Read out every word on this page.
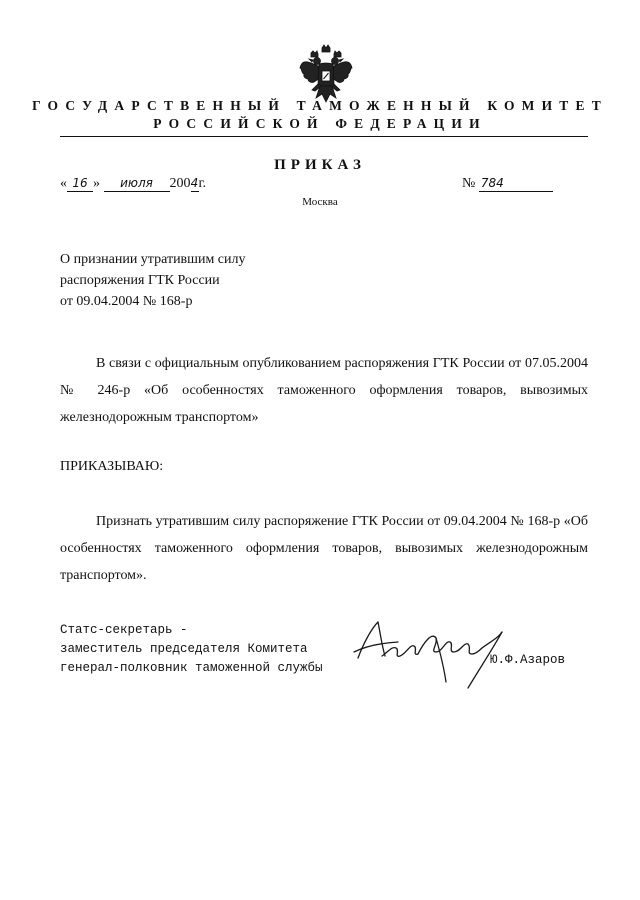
ГОСУДАРСТВЕННЫЙ ТАМОЖЕННЫЙ КОМИТЕТ
РОССИЙСКОЙ ФЕДЕРАЦИИ
ПРИКАЗ
« 16 » июля 2004г.	№ 784
Москва
О признании утратившим силу
распоряжения ГТК России
от 09.04.2004 № 168-р
В связи с официальным опубликованием распоряжения ГТК России от 07.05.2004 № 246-р «Об особенностях таможенного оформления товаров, вывозимых железнодорожным транспортом»
ПРИКАЗЫВАЮ:
Признать утратившим силу распоряжение ГТК России от 09.04.2004 № 168-р «Об особенностях таможенного оформления товаров, вывозимых железнодорожным транспортом».
Статс-секретарь -
заместитель председателя Комитета
генерал-полковник таможенной службы
Ю.Ф.Азаров
